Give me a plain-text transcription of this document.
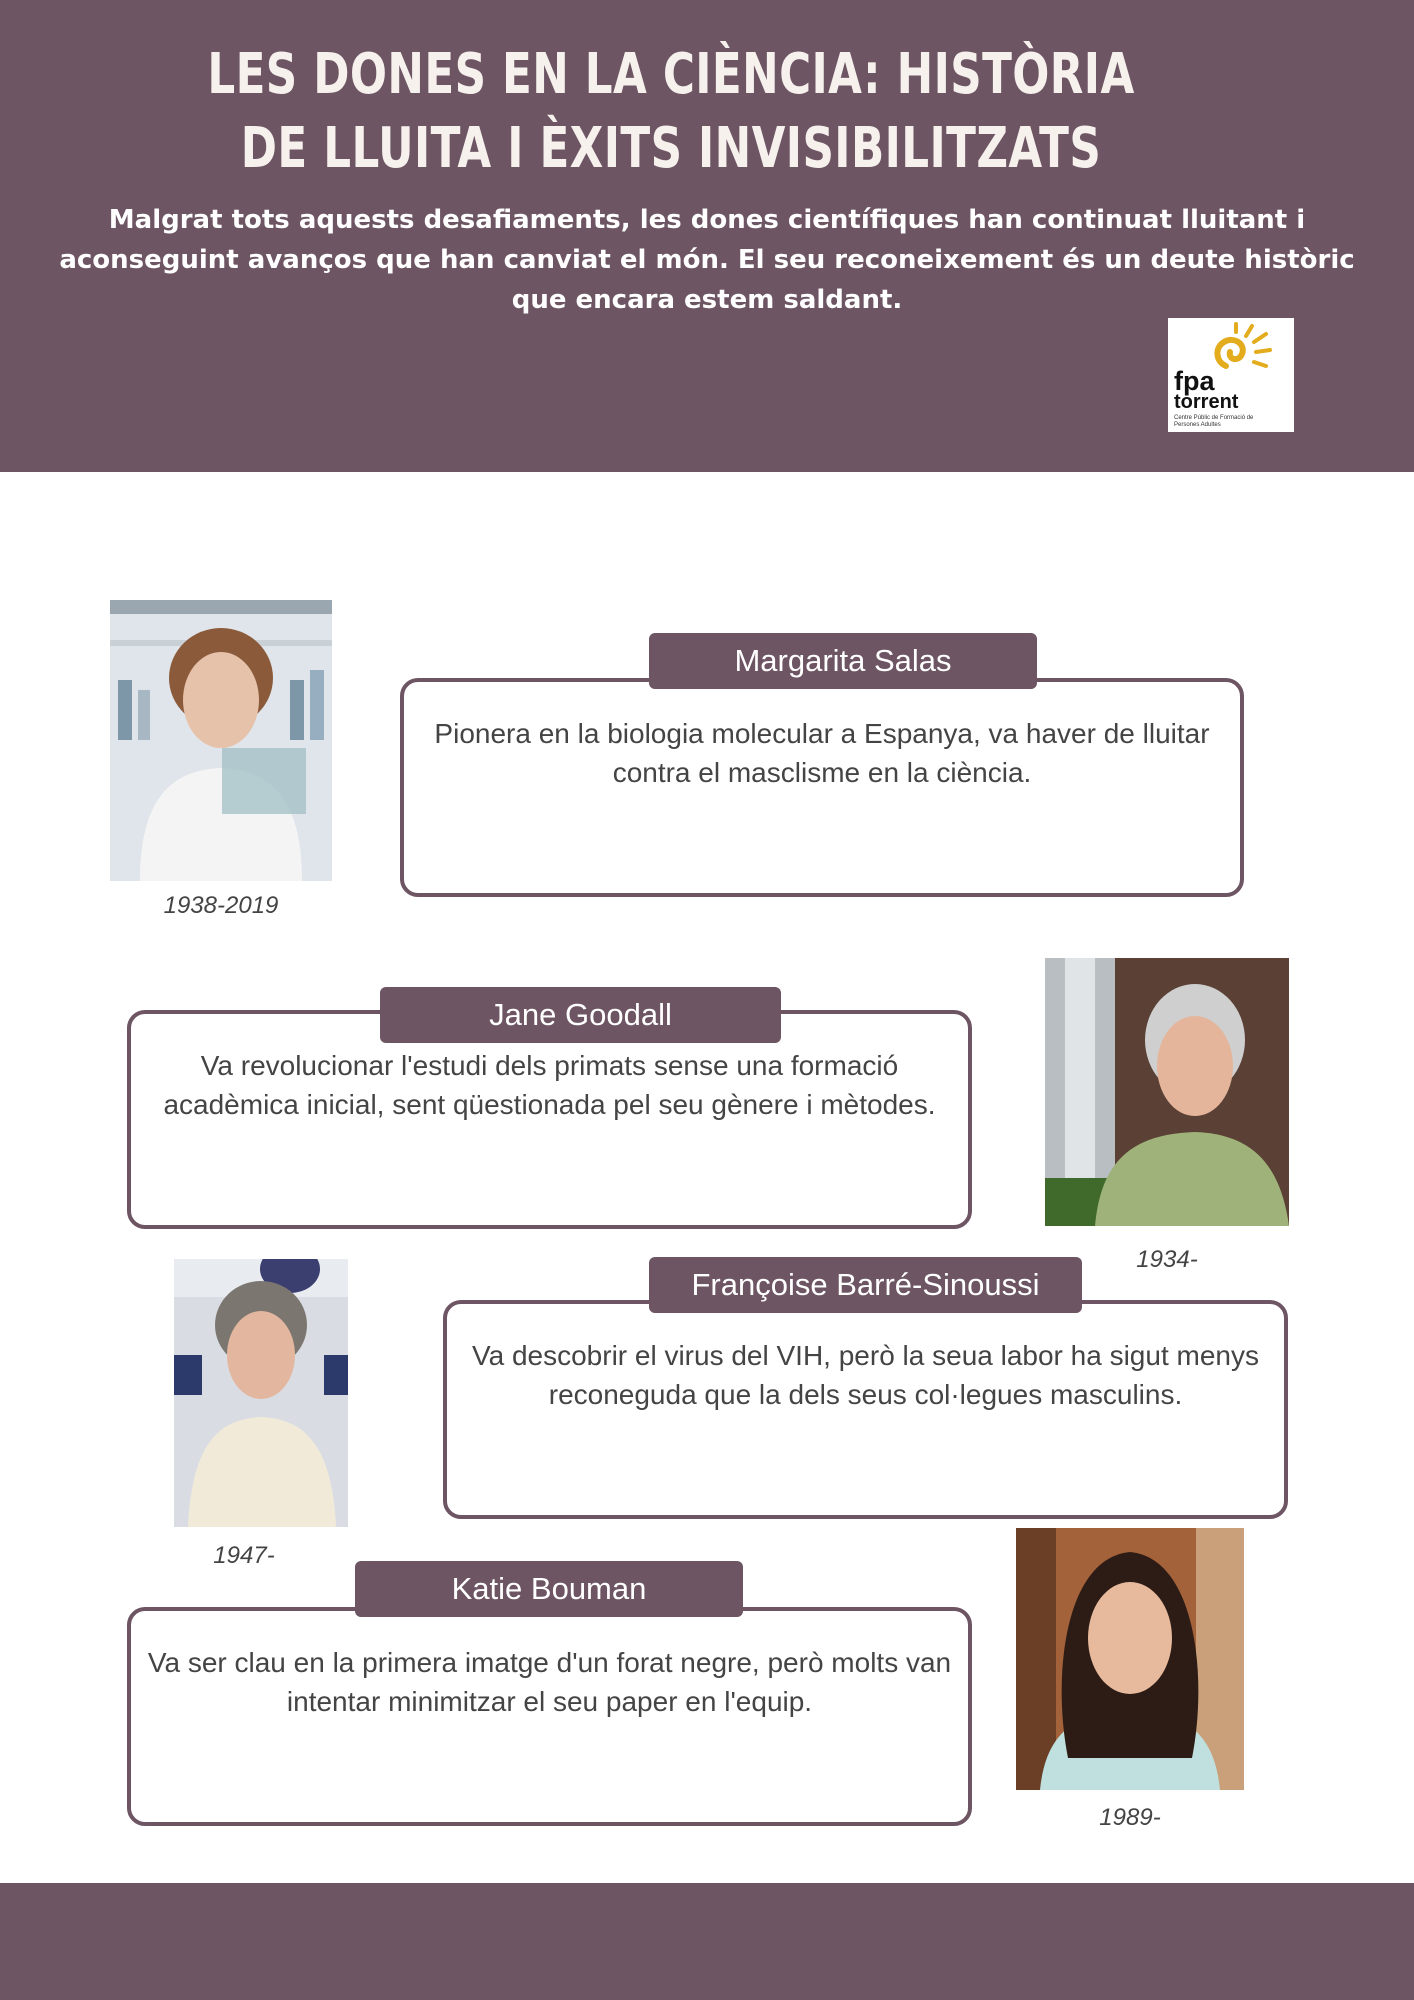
LES DONES EN LA CIÈNCIA: HISTÒRIA DE LLUITA I ÈXITS INVISIBILITZATS

Malgrat tots aquests desafiaments, les dones científiques han continuat lluitant i aconseguint avanços que han canviat el món. El seu reconeixement és un deute històric que encara estem saldant.

fpa
torrent
Centre Públic de Formació de Persones Adultes
1938-2019

Pionera en la biologia molecular a Espanya, va haver de lluitar contra el masclisme en la ciència.

Margarita Salas
1934-

Va revolucionar l'estudi dels primats sense una formació acadèmica inicial, sent qüestionada pel seu gènere i mètodes.

Jane Goodall
1947-

Va descobrir el virus del VIH, però la seua labor ha sigut menys reconeguda que la dels seus col·legues masculins.

Françoise Barré-Sinoussi
1989-

Va ser clau en la primera imatge d'un forat negre, però molts van intentar minimitzar el seu paper en l'equip.

Katie Bouman
